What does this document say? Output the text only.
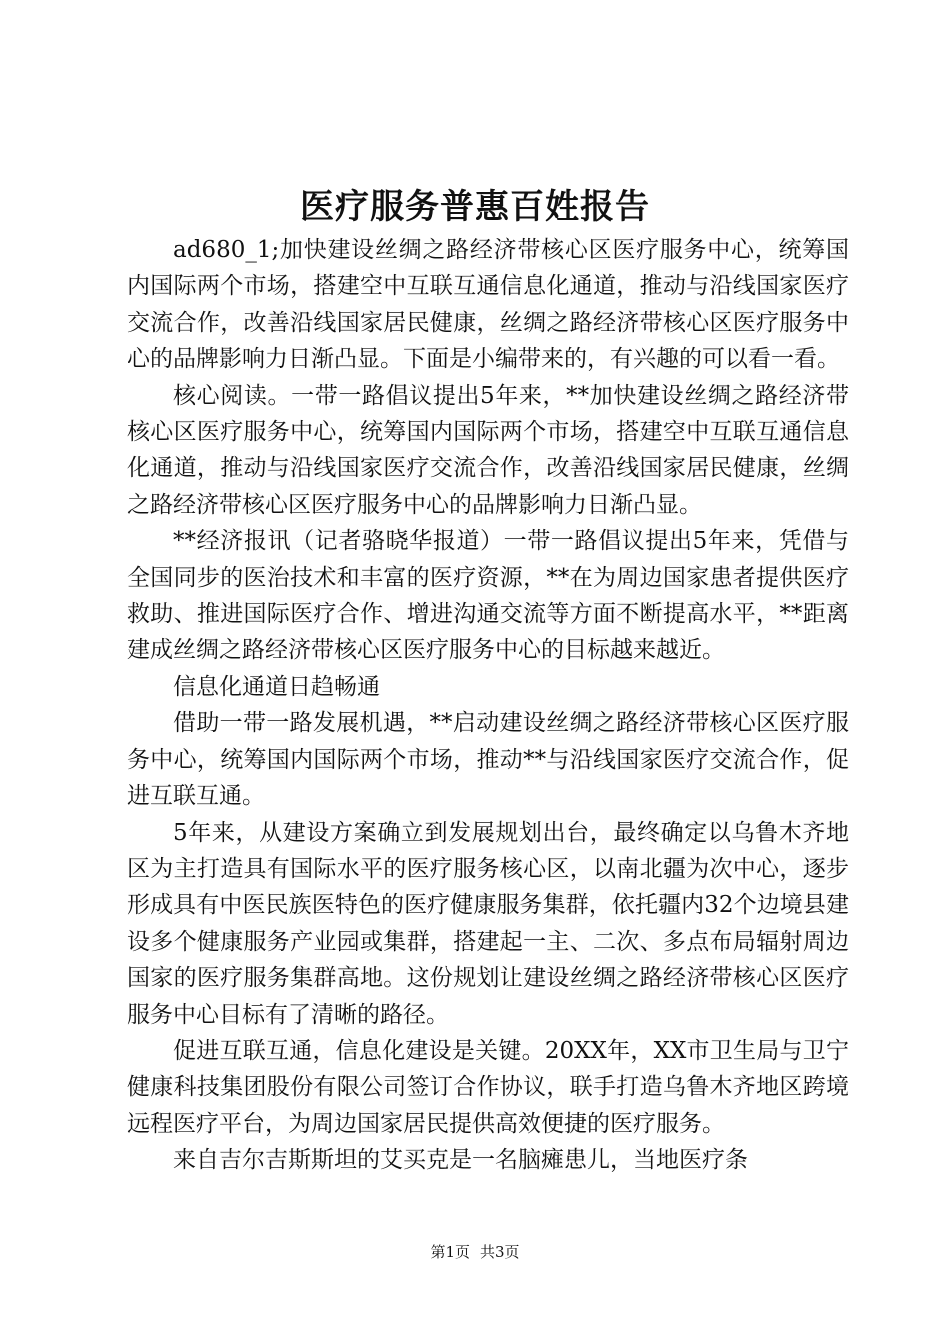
医疗服务普惠百姓报告

ad680_1;加快建设丝绸之路经济带核心区医疗服务中心，统筹国内国际两个市场，搭建空中互联互通信息化通道，推动与沿线国家医疗交流合作，改善沿线国家居民健康，丝绸之路经济带核心区医疗服务中心的品牌影响力日渐凸显。下面是小编带来的，有兴趣的可以看一看。

核心阅读。一带一路倡议提出5年来，**加快建设丝绸之路经济带核心区医疗服务中心，统筹国内国际两个市场，搭建空中互联互通信息化通道，推动与沿线国家医疗交流合作，改善沿线国家居民健康，丝绸之路经济带核心区医疗服务中心的品牌影响力日渐凸显。

**经济报讯（记者骆晓华报道）一带一路倡议提出5年来，凭借与全国同步的医治技术和丰富的医疗资源，**在为周边国家患者提供医疗救助、推进国际医疗合作、增进沟通交流等方面不断提高水平，**距离建成丝绸之路经济带核心区医疗服务中心的目标越来越近。

信息化通道日趋畅通

借助一带一路发展机遇，**启动建设丝绸之路经济带核心区医疗服务中心，统筹国内国际两个市场，推动**与沿线国家医疗交流合作，促进互联互通。

5年来，从建设方案确立到发展规划出台，最终确定以乌鲁木齐地区为主打造具有国际水平的医疗服务核心区，以南北疆为次中心，逐步形成具有中医民族医特色的医疗健康服务集群，依托疆内32个边境县建设多个健康服务产业园或集群，搭建起一主、二次、多点布局辐射周边国家的医疗服务集群高地。这份规划让建设丝绸之路经济带核心区医疗服务中心目标有了清晰的路径。

促进互联互通，信息化建设是关键。20XX年，XX市卫生局与卫宁健康科技集团股份有限公司签订合作协议，联手打造乌鲁木齐地区跨境远程医疗平台，为周边国家居民提供高效便捷的医疗服务。

来自吉尔吉斯斯坦的艾买克是一名脑瘫患儿，当地医疗条

第1页 共3页
